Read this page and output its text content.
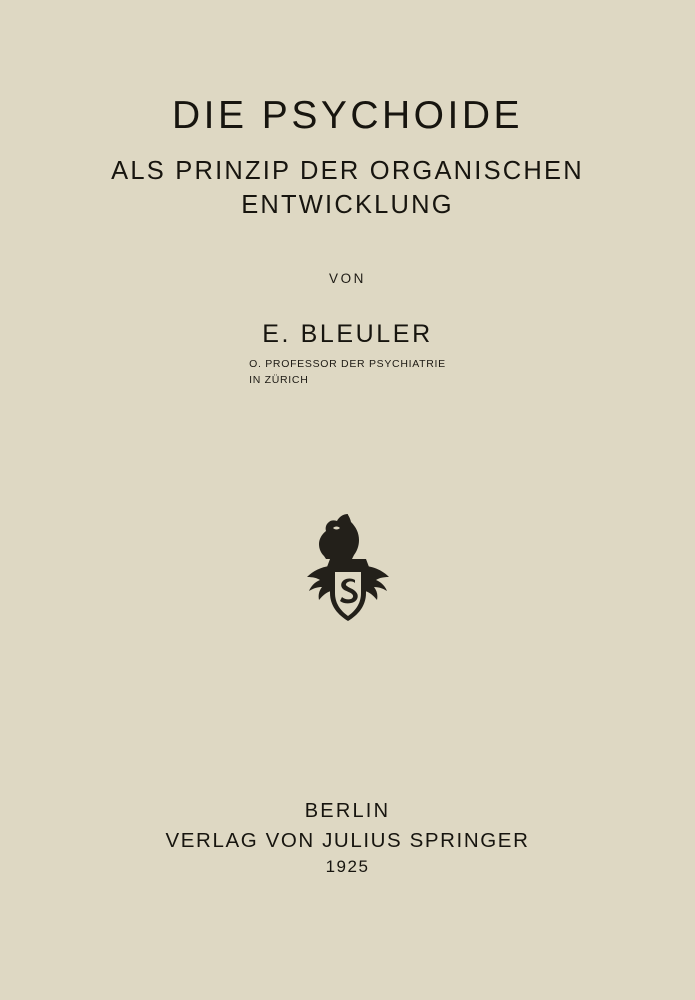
DIE PSYCHOIDE
ALS PRINZIP DER ORGANISCHEN
ENTWICKLUNG
VON
E. BLEULER
O. PROFESSOR DER PSYCHIATRIE
IN ZÜRICH
BERLIN
VERLAG VON JULIUS SPRINGER
1925
